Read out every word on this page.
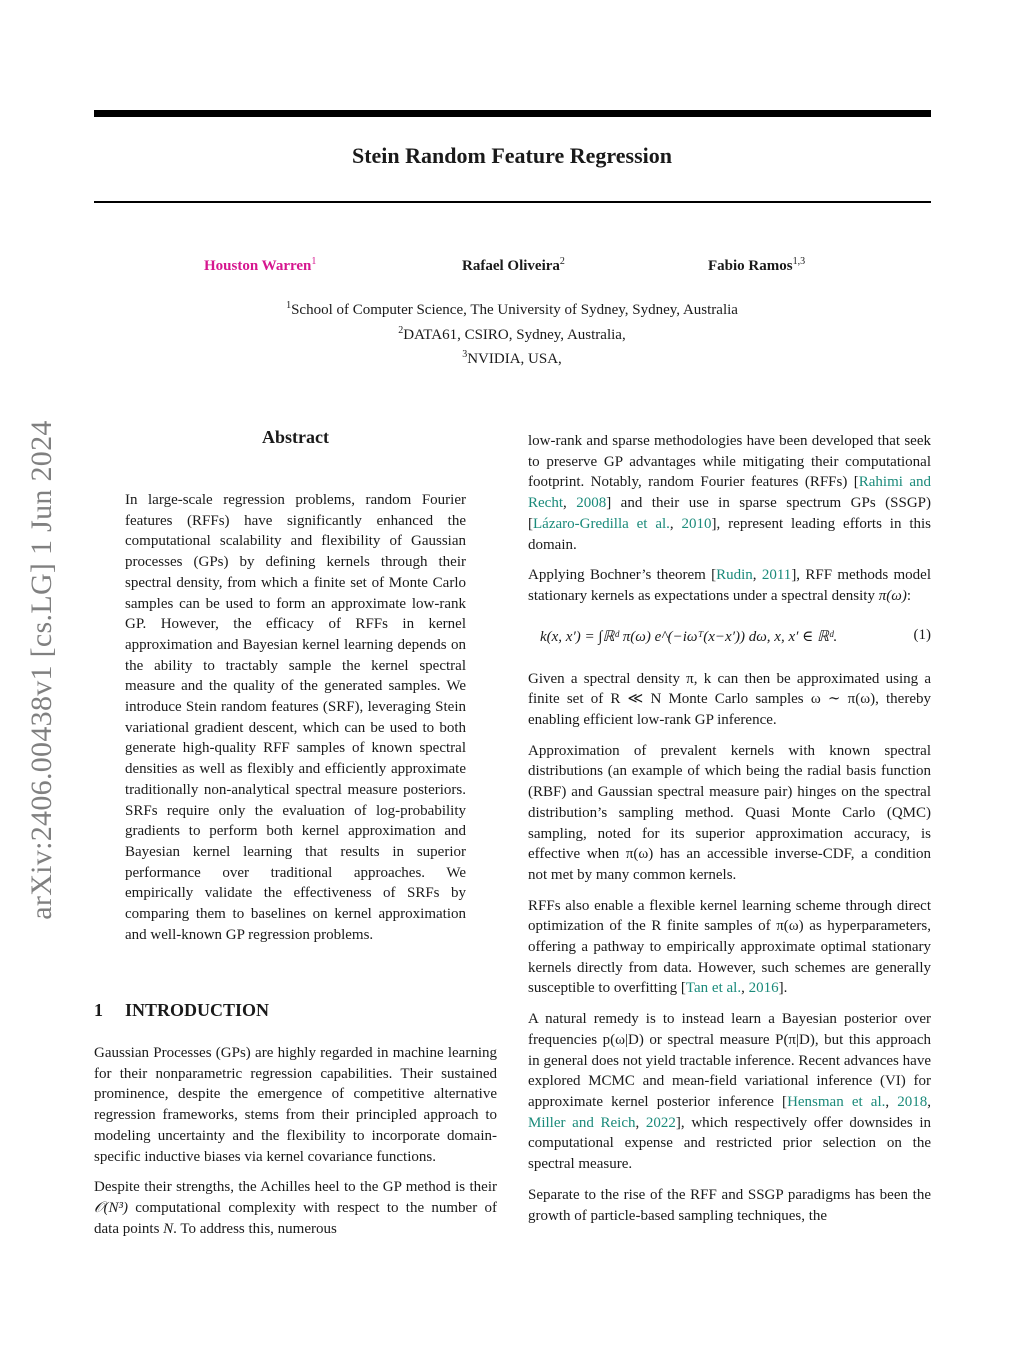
Stein Random Feature Regression
Houston Warren$^1$	Rafael Oliveira$^2$	Fabio Ramos$^{1,3}$
$^1$School of Computer Science, The University of Sydney, Sydney, Australia
$^2$DATA61, CSIRO, Sydney, Australia,
$^3$NVIDIA, USA,
arXiv:2406.00438v1 [cs.LG] 1 Jun 2024	Abstract
In large-scale regression problems, random Fourier features (RFFs) have significantly enhanced the computational scalability and flexibility of Gaussian processes (GPs) by defining kernels through their spectral density, from which a finite set of Monte Carlo samples can be used to form an approximate low-rank GP. However, the efficacy of RFFs in kernel approximation and Bayesian kernel learning depends on the ability to tractably sample the kernel spectral measure and the quality of the generated samples. We introduce Stein random features (SRF), leveraging Stein variational gradient descent, which can be used to both generate high-quality RFF samples of known spectral densities as well as flexibly and efficiently approximate traditionally non-analytical spectral measure posteriors. SRFs require only the evaluation of log-probability gradients to perform both kernel approximation and Bayesian kernel learning that results in superior performance over traditional approaches. We empirically validate the effectiveness of SRFs by comparing them to baselines on kernel approximation and well-known GP regression problems.
1 INTRODUCTION

Gaussian Processes (GPs) are highly regarded in machine learning for their nonparametric regression capabilities. Their sustained prominence, despite the emergence of competitive alternative regression frameworks, stems from their principled approach to modeling uncertainty and the flexibility to incorporate domain-specific inductive biases via kernel covariance functions.

Despite their strengths, the Achilles heel to the GP method is their 𝒪(N³) computational complexity with respect to the number of data points N. To address this, numerous

low-rank and sparse methodologies have been developed that seek to preserve GP advantages while mitigating their computational footprint. Notably, random Fourier features (RFFs) [Rahimi and Recht, 2008] and their use in sparse spectrum GPs (SSGP) [Lázaro-Gredilla et al., 2010], represent leading efforts in this domain.

Applying Bochner’s theorem [Rudin, 2011], RFF methods model stationary kernels as expectations under a spectral density π(ω):

k(x, x′) = ∫ℝᵈ π(ω) e^(−iωᵀ(x−x′)) dω, x, x′ ∈ ℝᵈ.	(1)

Given a spectral density π, k can then be approximated using a finite set of R ≪ N Monte Carlo samples ω ∼ π(ω), thereby enabling efficient low-rank GP inference.

Approximation of prevalent kernels with known spectral distributions (an example of which being the radial basis function (RBF) and Gaussian spectral measure pair) hinges on the spectral distribution’s sampling method. Quasi Monte Carlo (QMC) sampling, noted for its superior approximation accuracy, is effective when π(ω) has an accessible inverse-CDF, a condition not met by many common kernels.

RFFs also enable a flexible kernel learning scheme through direct optimization of the R finite samples of π(ω) as hyperparameters, offering a pathway to empirically approximate optimal stationary kernels directly from data. However, such schemes are generally susceptible to overfitting [Tan et al., 2016].

A natural remedy is to instead learn a Bayesian posterior over frequencies p(ω|D) or spectral measure P(π|D), but this approach in general does not yield tractable inference. Recent advances have explored MCMC and mean-field variational inference (VI) for approximate kernel posterior inference [Hensman et al., 2018, Miller and Reich, 2022], which respectively offer downsides in computational expense and restricted prior selection on the spectral measure.

Separate to the rise of the RFF and SSGP paradigms has been the growth of particle-based sampling techniques, the
